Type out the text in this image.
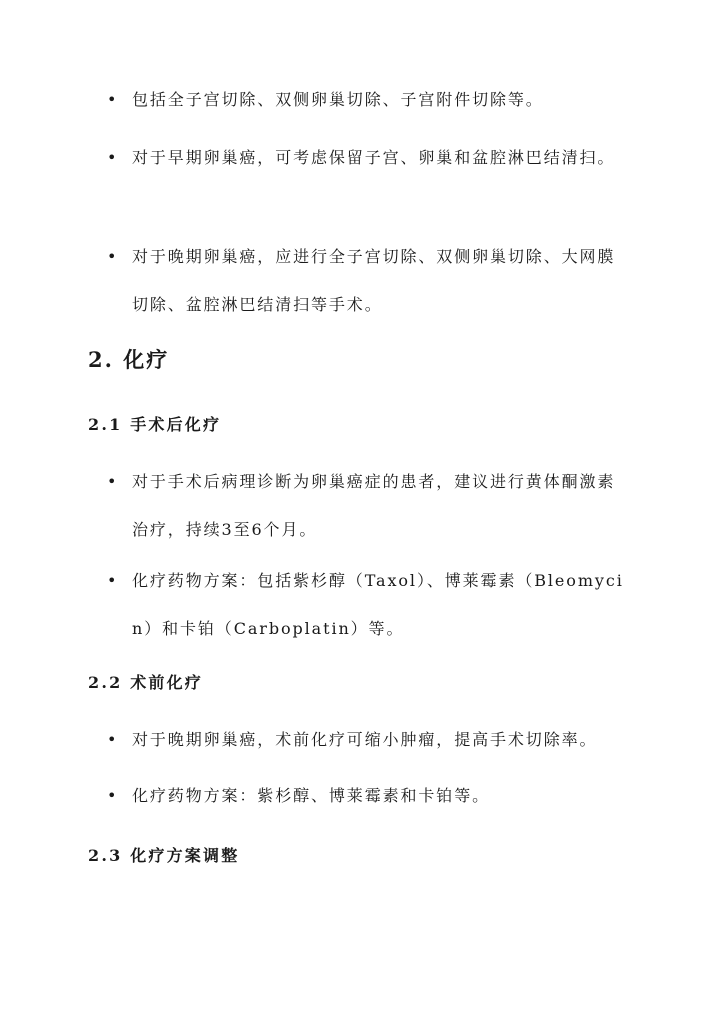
• 包括全子宫切除、双侧卵巢切除、子宫附件切除等。
• 对于早期卵巢癌，可考虑保留子宫、卵巢和盆腔淋巴结清扫。
• 对于晚期卵巢癌，应进行全子宫切除、双侧卵巢切除、大网膜切除、盆腔淋巴结清扫等手术。
2. 化疗
2.1 手术后化疗
• 对于手术后病理诊断为卵巢癌症的患者，建议进行黄体酮激素治疗，持续3至6个月。
• 化疗药物方案：包括紫杉醇（Taxol）、博莱霉素（Bleomycin）和卡铂（Carboplatin）等。
2.2 术前化疗
• 对于晚期卵巢癌，术前化疗可缩小肿瘤，提高手术切除率。
• 化疗药物方案：紫杉醇、博莱霉素和卡铂等。
2.3 化疗方案调整
